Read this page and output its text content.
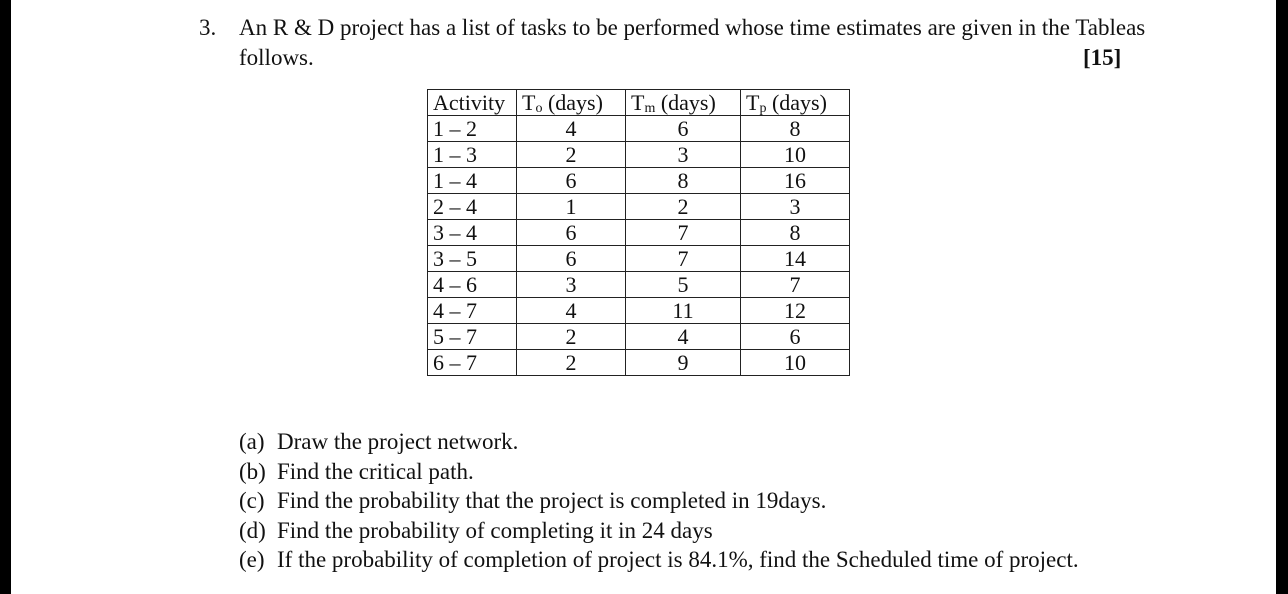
3. An R & D project has a list of tasks to be performed whose time estimates are given in the Tableas
follows.	[15]
Activity	$T_o$ (days)	$T_m$ (days)	$T_p$ (days)
1 – 2	4	6	8
1 – 3	2	3	10
1 – 4	6	8	16
2 – 4	1	2	3
3 – 4	6	7	8
3 – 5	6	7	14
4 – 6	3	5	7
4 – 7	4	11	12
5 – 7	2	4	6
6 – 7	2	9	10
(a) Draw the project network.
(b) Find the critical path.
(c) Find the probability that the project is completed in 19days.
(d) Find the probability of completing it in 24 days
(e) If the probability of completion of project is 84.1%, find the Scheduled time of project.
